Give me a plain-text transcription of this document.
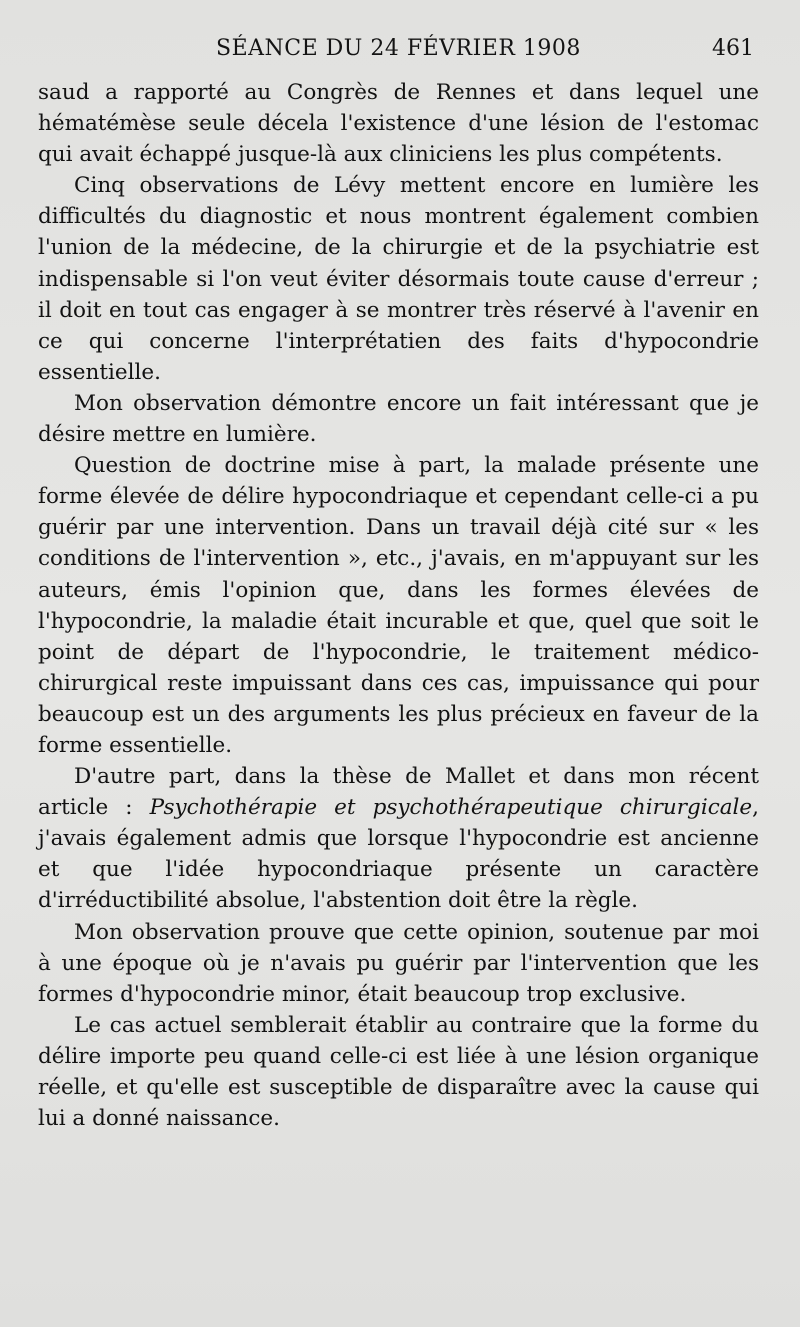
SÉANCE DU 24 FÉVRIER 1908	461

saud a rapporté au Congrès de Rennes et dans lequel une hématémèse seule décela l'existence d'une lésion de l'estomac qui avait échappé jusque-là aux cliniciens les plus compétents.

Cinq observations de Lévy mettent encore en lumière les difficultés du diagnostic et nous montrent également combien l'union de la médecine, de la chirurgie et de la psychiatrie est indispensable si l'on veut éviter désormais toute cause d'erreur ; il doit en tout cas engager à se montrer très réservé à l'avenir en ce qui concerne l'interprétatien des faits d'hypocondrie essentielle.

Mon observation démontre encore un fait intéressant que je désire mettre en lumière.

Question de doctrine mise à part, la malade présente une forme élevée de délire hypocondriaque et cependant celle-ci a pu guérir par une intervention. Dans un travail déjà cité sur « les conditions de l'intervention », etc., j'avais, en m'appuyant sur les auteurs, émis l'opinion que, dans les formes élevées de l'hypocondrie, la maladie était incurable et que, quel que soit le point de départ de l'hypocondrie, le traitement médico-chirurgical reste impuissant dans ces cas, impuissance qui pour beaucoup est un des arguments les plus précieux en faveur de la forme essentielle.

D'autre part, dans la thèse de Mallet et dans mon récent article : Psychothérapie et psychothérapeutique chirurgicale, j'avais également admis que lorsque l'hypocondrie est ancienne et que l'idée hypocondriaque présente un caractère d'irréductibilité absolue, l'abstention doit être la règle.

Mon observation prouve que cette opinion, soutenue par moi à une époque où je n'avais pu guérir par l'intervention que les formes d'hypocondrie minor, était beaucoup trop exclusive.

Le cas actuel semblerait établir au contraire que la forme du délire importe peu quand celle-ci est liée à une lésion organique réelle, et qu'elle est susceptible de disparaître avec la cause qui lui a donné naissance.
